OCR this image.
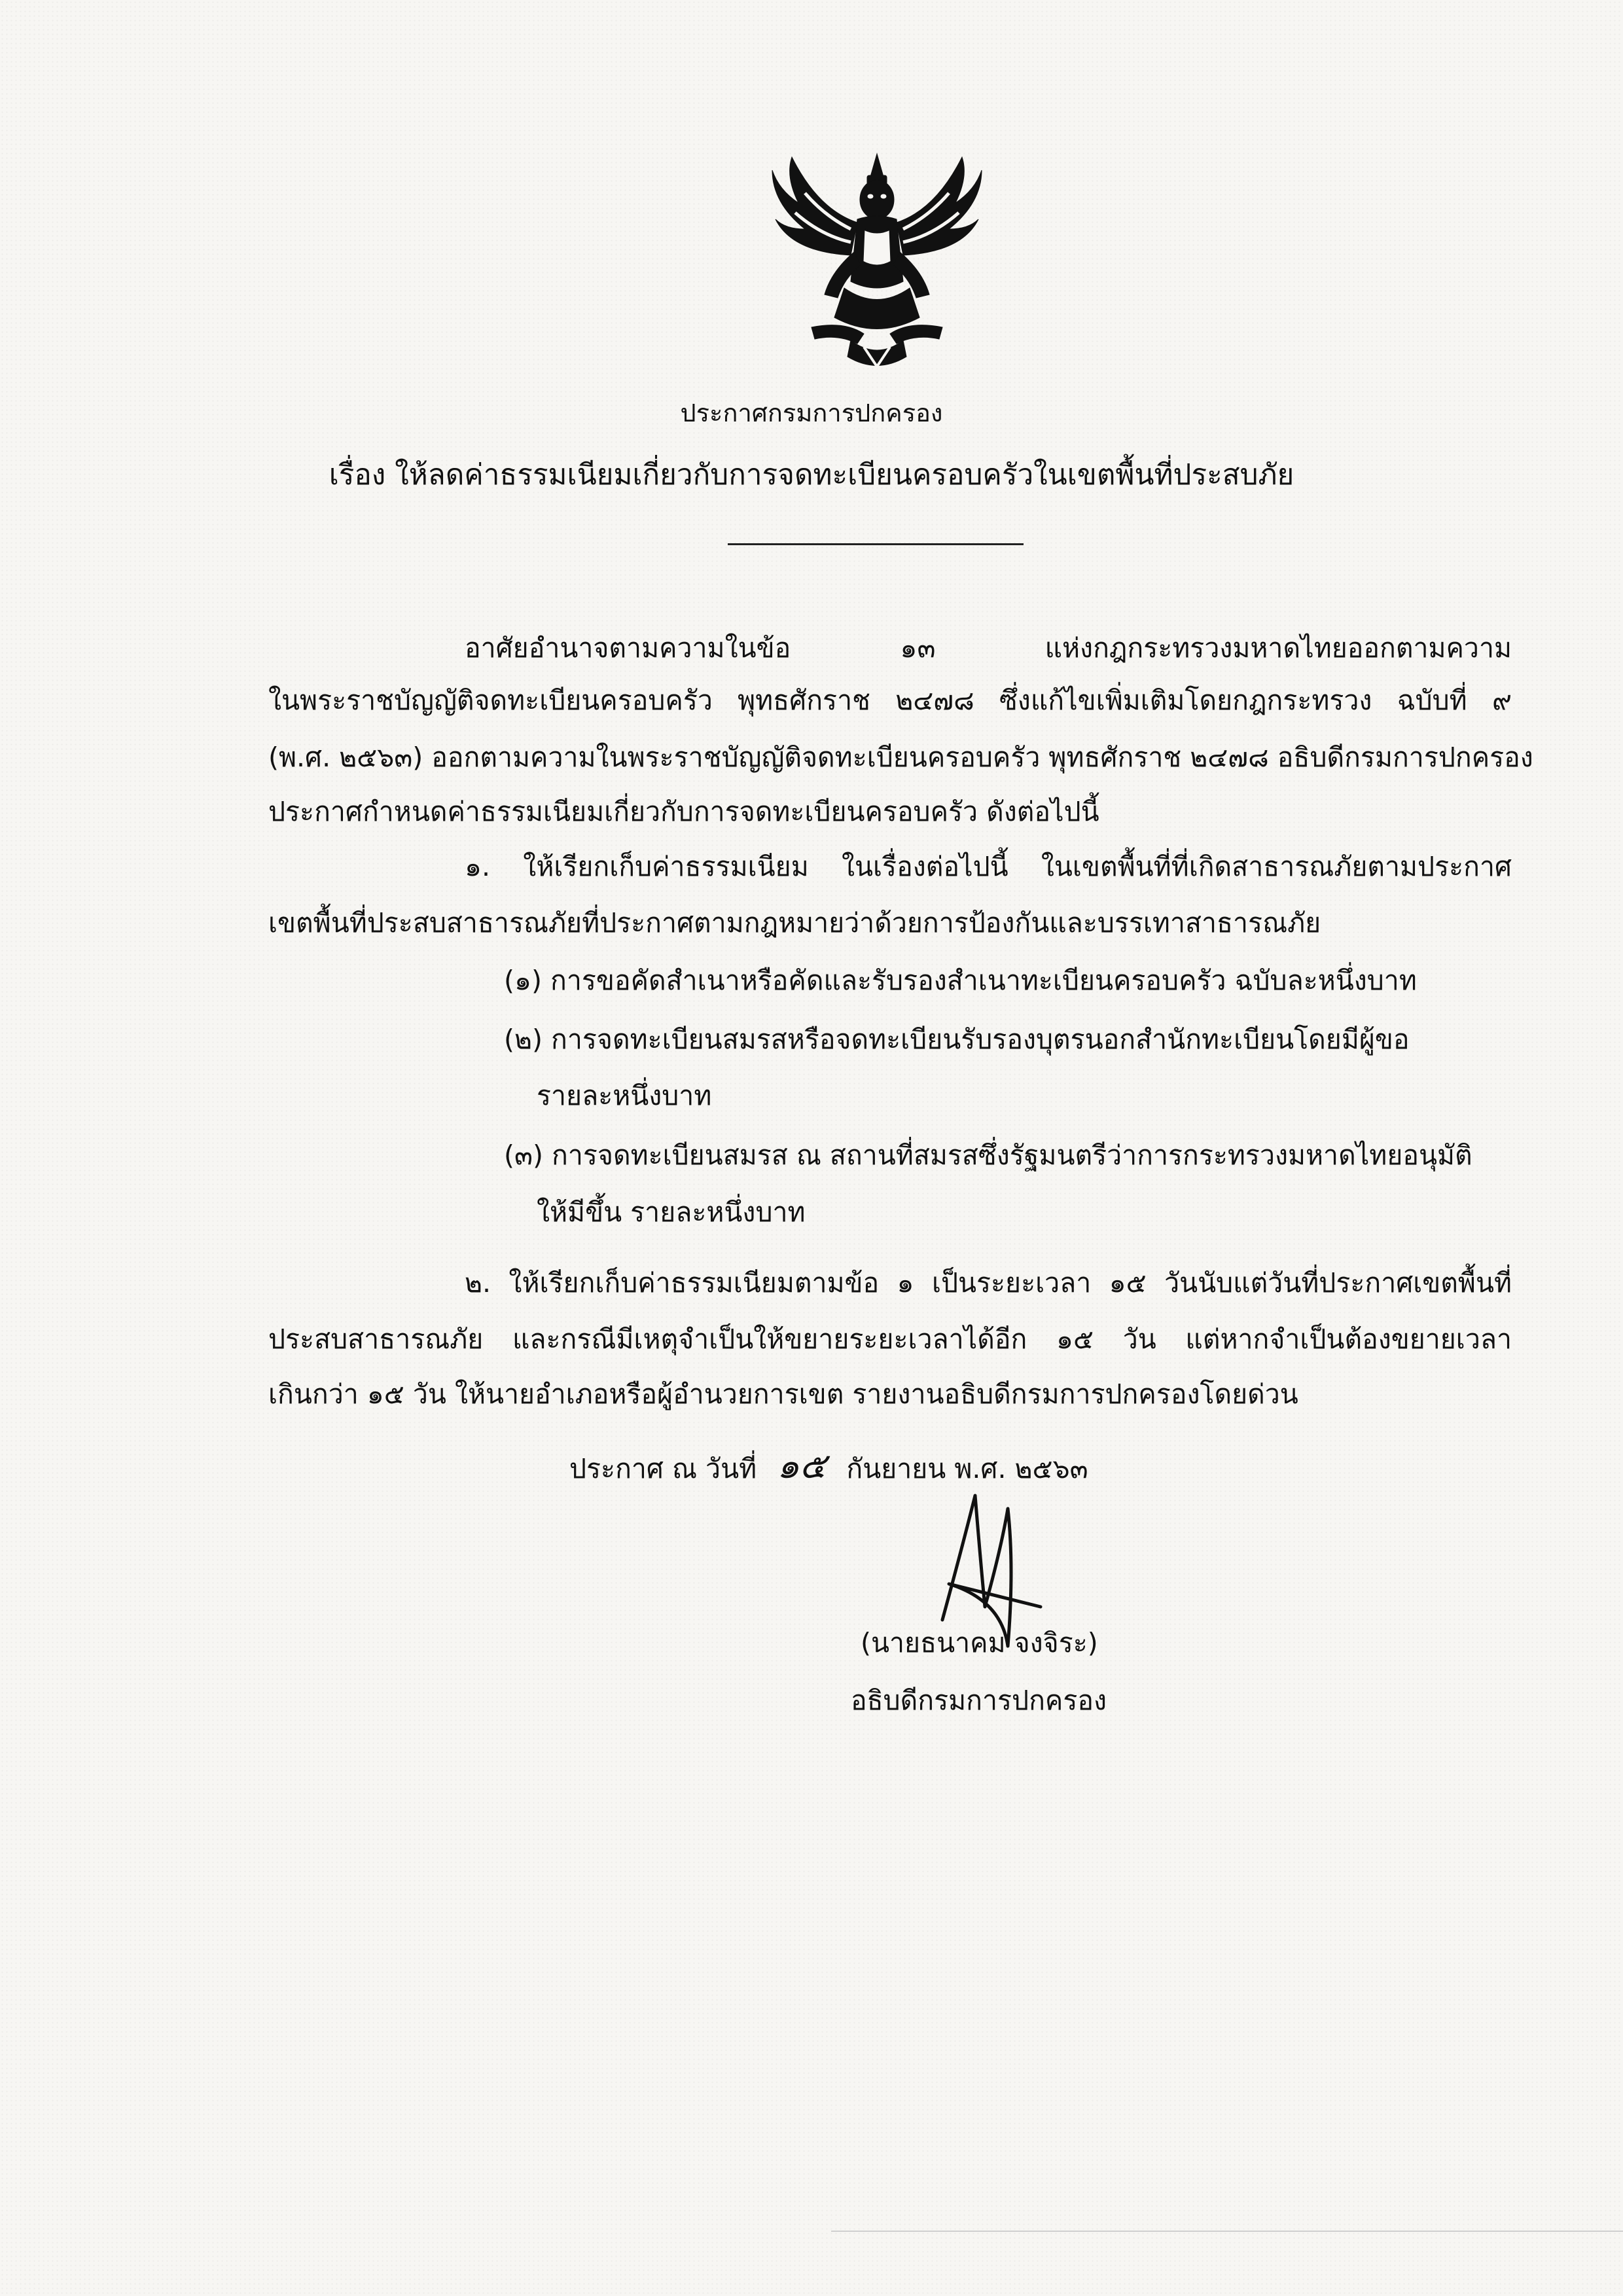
ประกาศกรมการปกครอง
เรื่อง ให้ลดค่าธรรมเนียมเกี่ยวกับการจดทะเบียนครอบครัวในเขตพื้นที่ประสบภัย
อาศัยอำนาจตามความในข้อ ๑๓ แห่งกฎกระทรวงมหาดไทยออกตามความ
ในพระราชบัญญัติจดทะเบียนครอบครัว พุทธศักราช ๒๔๗๘ ซึ่งแก้ไขเพิ่มเติมโดยกฎกระทรวง ฉบับที่ ๙
(พ.ศ. ๒๕๖๓) ออกตามความในพระราชบัญญัติจดทะเบียนครอบครัว พุทธศักราช ๒๔๗๘ อธิบดีกรมการปกครอง
ประกาศกำหนดค่าธรรมเนียมเกี่ยวกับการจดทะเบียนครอบครัว ดังต่อไปนี้
๑. ให้เรียกเก็บค่าธรรมเนียม ในเรื่องต่อไปนี้ ในเขตพื้นที่ที่เกิดสาธารณภัยตามประกาศ
เขตพื้นที่ประสบสาธารณภัยที่ประกาศตามกฎหมายว่าด้วยการป้องกันและบรรเทาสาธารณภัย
(๑) การขอคัดสำเนาหรือคัดและรับรองสำเนาทะเบียนครอบครัว ฉบับละหนึ่งบาท
(๒) การจดทะเบียนสมรสหรือจดทะเบียนรับรองบุตรนอกสำนักทะเบียนโดยมีผู้ขอ
รายละหนึ่งบาท
(๓) การจดทะเบียนสมรส ณ สถานที่สมรสซึ่งรัฐมนตรีว่าการกระทรวงมหาดไทยอนุมัติ
ให้มีขึ้น รายละหนึ่งบาท
๒. ให้เรียกเก็บค่าธรรมเนียมตามข้อ ๑ เป็นระยะเวลา ๑๕ วันนับแต่วันที่ประกาศเขตพื้นที่
ประสบสาธารณภัย และกรณีมีเหตุจำเป็นให้ขยายระยะเวลาได้อีก ๑๕ วัน แต่หากจำเป็นต้องขยายเวลา
เกินกว่า ๑๕ วัน ให้นายอำเภอหรือผู้อำนวยการเขต รายงานอธิบดีกรมการปกครองโดยด่วน
ประกาศ ณ วันที่ ๑๕ กันยายน พ.ศ. ๒๕๖๓
(นายธนาคม จงจิระ)
อธิบดีกรมการปกครอง
